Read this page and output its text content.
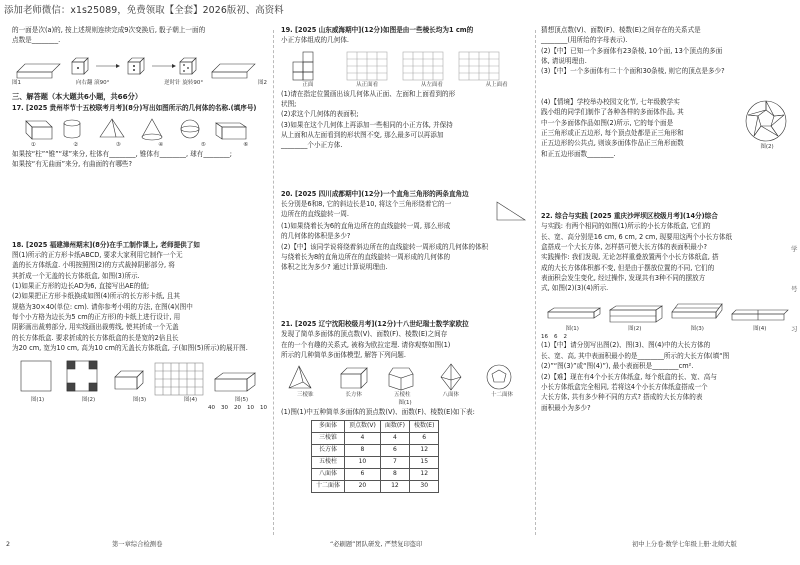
添加老师微信：x1s25089，免费领取【全套】2026版初、高资料
的一面是次(a)的, 按上述规则连续完成9次变换后, 骰子朝上一面的
点数是________.
图1	向右翻 滚90°	逆时针 旋转90°	图2
三、解答题（本大题共6小题，共66分）
17. [2025 贵州毕节十五校联考月考](8分)写出如图所示的几何体的名称.(填序号)
①	②	③	④	⑤	⑥
如果按“柱”“锥”“球”来分, 柱体有________, 锥体有________, 球有________;
如果按“有无曲面”来分, 有曲面的有哪些?
18. [2025 福建漳州期末](8分)在手工制作课上, 老师提供了如
图(1)所示的正方形卡纸ABCD, 要求大家利用它制作一个无
盖的长方体纸盒. 小明按照图(2)的方式裁掉阴影部分, 将
其折成一个无盖的长方体纸盒, 如图(3)所示.
(1)如果正方形的边长AD为6, 直接写出AE的值;
(2)如果把正方形卡纸换成如图(4)所示的长方形卡纸, 且其
规格为30×40(单位: cm). 请你参考小明的方法, 在图(4)(图中
每个小方格为边长为5 cm的正方形)的卡纸上进行设计, 用
阴影画出裁剪部分, 用实线画出裁剪线, 使其折成一个无盖
的长方体纸盒. 要求折成的长方体纸盒的长是宽的2倍且长
为20 cm, 宽为10 cm, 高为10 cm的无盖长方体纸盒, 子(如图(5)所示)的展开图.
图(1)	图(2)	图(3)	图(4)	图(5)
40 30 20 10 10
19. [2025 山东威海期中](12分)如图是由一些棱长均为1 cm的
小正方体组成的几何体.
正面	从正面看	从左面看	从上面看
(1)请在指定位置画出该几何体从正面、左面和上面看到的形
状图;
(2)求这个几何体的表面积;
(3)如果在这个几何体上再添加一些相同的小正方体, 并保持
从上面和从左面看到的形状图不变, 那么最多可以再添加
________个小正方体.
20. [2025 四川成都期中](12分)一个直角三角形的两条直角边
长分别是6和8, 它的斜边长是10, 将这个三角形绕着它的一
边所在的直线旋转一周.
(1)如果绕着长为6的直角边所在的直线旋转一周, 那么形成
的几何体的体积是多少?
(2)【中】该同学说将绕着斜边所在的直线旋转一周形成的几何体的体积
与绕着长为8的直角边所在的直线旋转一周形成的几何体的
体积之比为多少? 通过计算说明理由.
21. [2025 辽宁沈阳校级月考](12分)十八世纪瑞士数学家欧拉
发现了简单多面体的顶点数(V)、面数(F)、棱数(E)之间存
在的一个有趣的关系式, 被称为欧拉定理. 请你观察如图(1)
所示的几种简单多面体模型, 解答下列问题.
三棱锥	长方体	五棱柱	八面体	十二面体
图(1)
(1)图(1)中五种简单多面体的顶点数(V)、面数(F)、棱数(E)如下表:
多面体	顶点数(V)	面数(F)	棱数(E)
三棱锥	4	4	6
长方体	8	6	12
五棱柱	10	7	15
八面体	6	8	12
十二面体	20	12	30
猜想顶点数(V)、面数(F)、棱数(E)之间存在的关系式是
________(用所给的字母表示).
(2)【中】已知一个多面体有23条棱, 10个面, 13个顶点的多面
体, 请说明理由.
(3)【中】一个多面体有二十个面和30条棱, 则它的顶点是多少?
(4)【情境】学校举办校园文化节, 七年级教学实
践小组的同学们制作了各种各样的多面体作品, 其
中一个多面体作品如图(2)所示, 它的每个面是
正三角形或正五边形, 每个顶点处都是正三角形和
正五边形的公共点, 则该多面体作品正三角形面数
和正五边形面数________.
图(2)
22. 综合与实践 [2025 重庆沙坪坝区校级月考](14分)综合
与实践: 有两个相同的如图(1)所示的小长方体纸盒, 它们的
长、宽、高分别是16 cm, 6 cm, 2 cm, 现要用这两个小长方体纸
盒搭成一个大长方体, 怎样搭可使大长方体的表面积最小?
实践操作: 我们发现, 无论怎样重叠放置两个小长方体纸盒, 搭
成的大长方体体积都不变, 但是由于摆放位置的不同, 它们的
表面积会发生变化, 经过操作, 发现共有3种不同的摆放方
式, 如图(2)(3)(4)所示.
图(1)	图(2)	图(3)	图(4)
16 6 2
(1)【中】请分别写出图(2)、图(3)、图(4)中的大长方体的
长、宽、高, 其中表面积最小的是________所示的大长方体(填“图
(2)”“图(3)”或“图(4)”), 最小表面积是________cm².
(2)【难】现在有4个小长方体纸盒, 每个纸盒的长、宽、高与
小长方体纸盒完全相同, 若将这4个小长方体纸盒搭成一个
大长方体, 共有多少种不同的方式? 搭成的大长方体的表
面积最小为多少?
学
号
习
2	第一章综合检测卷	“必刷题”团队研发, 严禁复印盗印	初中上分卷·数学七年级上册·北师大版
